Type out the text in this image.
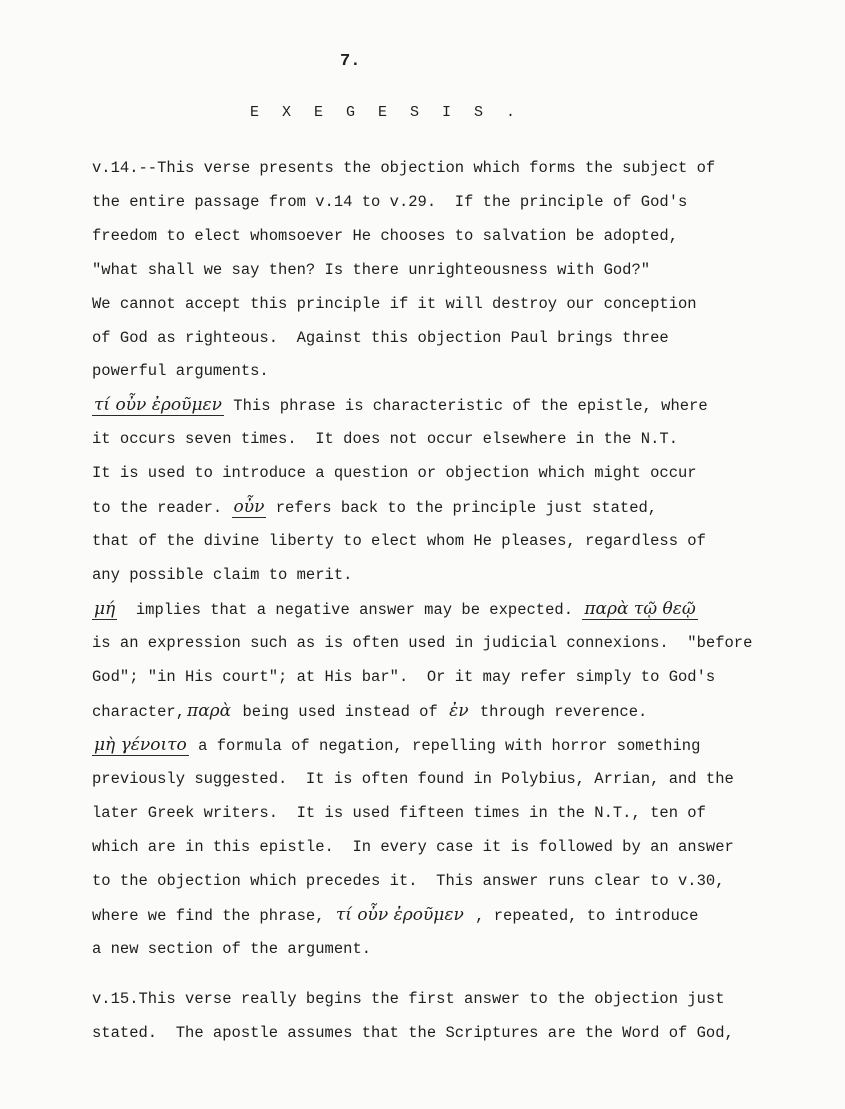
7.
E X E G E S I S .
v.14.--This verse presents the objection which forms the subject of
the entire passage from v.14 to v.29.  If the principle of God's
freedom to elect whomsoever He chooses to salvation be adopted,
"what shall we say then? Is there unrighteousness with God?"
We cannot accept this principle if it will destroy our conception
of God as righteous.  Against this objection Paul brings three
powerful arguments.
τί οὖν ἐροῦμεν This phrase is characteristic of the epistle, where
it occurs seven times.  It does not occur elsewhere in the N.T.
It is used to introduce a question or objection which might occur
to the reader. οὖν refers back to the principle just stated,
that of the divine liberty to elect whom He pleases, regardless of
any possible claim to merit.
μή  implies that a negative answer may be expected. παρὰ τῷ θεῷ
is an expression such as is often used in judicial connexions.  "before
God"; "in His court"; at His bar".  Or it may refer simply to God's
character, παρὰ being used instead of ἐν through reverence.
μὴ γένοιτο a formula of negation, repelling with horror something
previously suggested.  It is often found in Polybius, Arrian, and the
later Greek writers.  It is used fifteen times in the N.T., ten of
which are in this epistle.  In every case it is followed by an answer
to the objection which precedes it.  This answer runs clear to v.30,
where we find the phrase, τί οὖν ἐροῦμεν , repeated, to introduce
a new section of the argument.
v.15.This verse really begins the first answer to the objection just
stated.  The apostle assumes that the Scriptures are the Word of God,
